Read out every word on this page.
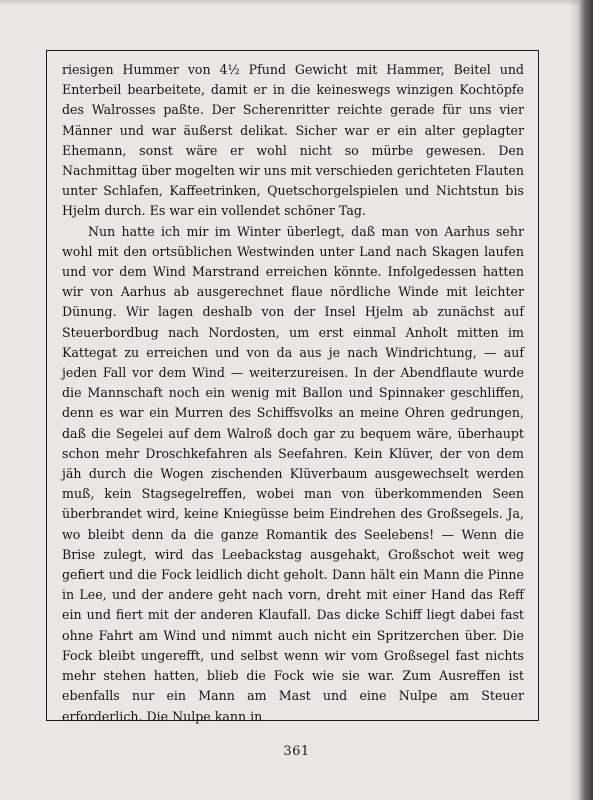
riesigen Hummer von 4½ Pfund Gewicht mit Hammer, Beitel und Enterbeil bearbeitete, damit er in die keineswegs winzigen Kochtöpfe des Walrosses paßte. Der Scherenritter reichte gerade für uns vier Männer und war äußerst delikat. Sicher war er ein alter geplagter Ehemann, sonst wäre er wohl nicht so mürbe gewesen. Den Nachmittag über mogelten wir uns mit verschieden gerichteten Flauten unter Schlafen, Kaffeetrinken, Quetschorgelspielen und Nichtstun bis Hjelm durch. Es war ein vollendet schöner Tag.

Nun hatte ich mir im Winter überlegt, daß man von Aarhus sehr wohl mit den ortsüblichen Westwinden unter Land nach Skagen laufen und vor dem Wind Marstrand erreichen könnte. Infolgedessen hatten wir von Aarhus ab ausgerechnet flaue nördliche Winde mit leichter Dünung. Wir lagen deshalb von der Insel Hjelm ab zunächst auf Steuerbordbug nach Nordosten, um erst einmal Anholt mitten im Kattegat zu erreichen und von da aus je nach Windrichtung, — auf jeden Fall vor dem Wind — weiterzureisen. In der Abendflaute wurde die Mannschaft noch ein wenig mit Ballon und Spinnaker geschliffen, denn es war ein Murren des Schiffsvolks an meine Ohren gedrungen, daß die Segelei auf dem Walroß doch gar zu bequem wäre, überhaupt schon mehr Droschkefahren als Seefahren. Kein Klüver, der von dem jäh durch die Wogen zischenden Klüverbaum ausgewechselt werden muß, kein Stagsegelreffen, wobei man von überkommenden Seen überbrandet wird, keine Kniegüsse beim Eindrehen des Großsegels. Ja, wo bleibt denn da die ganze Romantik des Seelebens! — Wenn die Brise zulegt, wird das Leebackstag ausgehakt, Großschot weit weg gefiert und die Fock leidlich dicht geholt. Dann hält ein Mann die Pinne in Lee, und der andere geht nach vorn, dreht mit einer Hand das Reff ein und fiert mit der anderen Klaufall. Das dicke Schiff liegt dabei fast ohne Fahrt am Wind und nimmt auch nicht ein Spritzerchen über. Die Fock bleibt ungerefft, und selbst wenn wir vom Großsegel fast nichts mehr stehen hatten, blieb die Fock wie sie war. Zum Ausreffen ist ebenfalls nur ein Mann am Mast und eine Nulpe am Steuer erforderlich. Die Nulpe kann in

361
